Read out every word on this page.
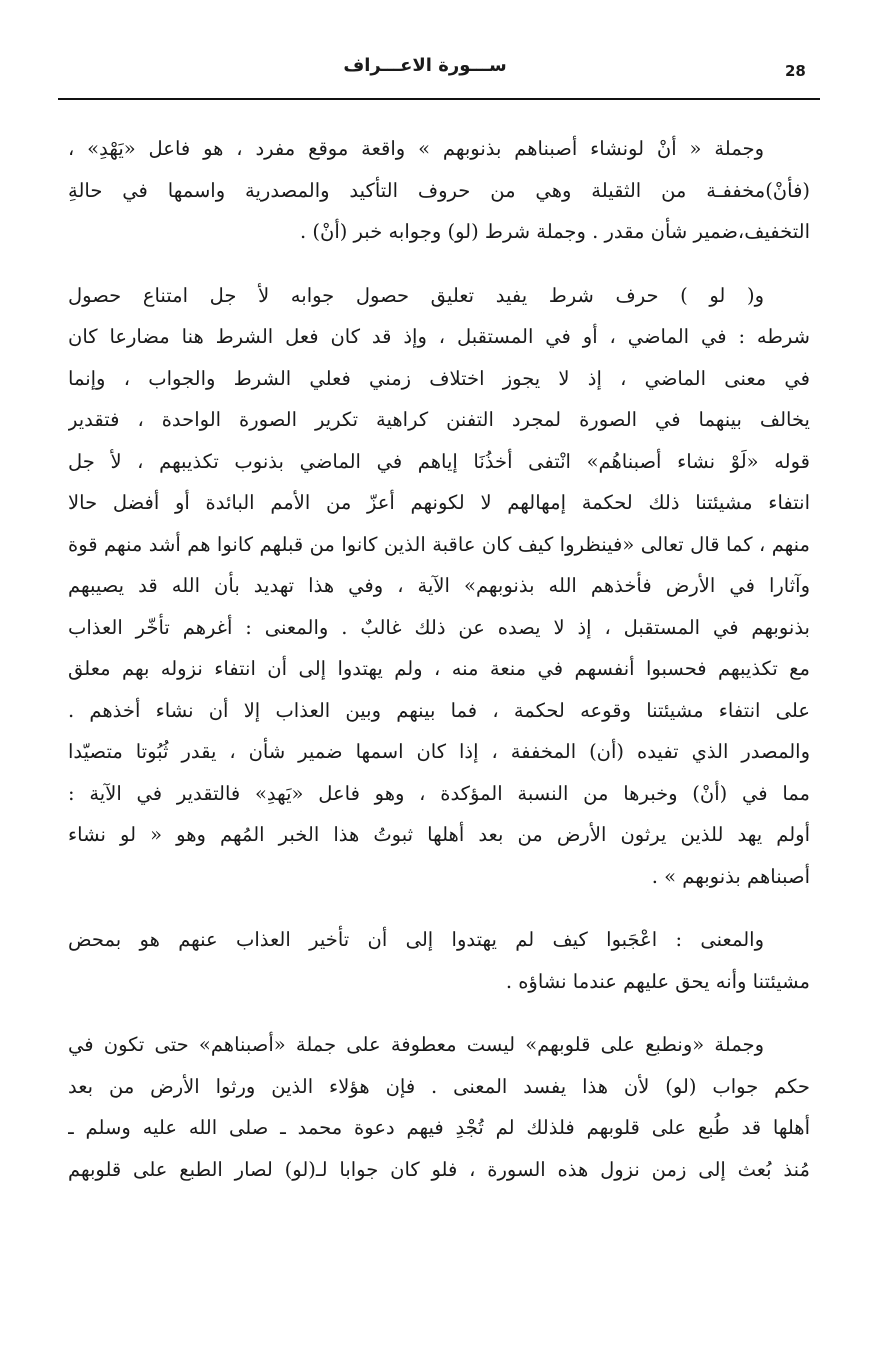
28
ســـورة الاعـــراف
وجملة « أنْ لونشاء أصبناهم بذنوبهم » واقعة موقع مفرد ، هو فاعل «يَهْدِ» ،
(فأنْ)مخففـة من الثقيلة وهي من حروف التأكيد والمصدرية واسمها في حالةِ
التخفيف،ضمير شأن مقدر . وجملة شرط (لو) وجوابه خبر (أنْ) .
و( لو ) حرف شرط يفيد تعليق حصول جوابه لأ جل امتناع حصول
شرطه : في الماضي ، أو في المستقبل ، وإذ قد كان فعل الشرط هنا مضارعا كان
في معنى الماضي ، إذ لا يجوز اختلاف زمني فعلي الشرط والجواب ، وإنما
يخالف بينهما في الصورة لمجرد التفنن كراهية تكرير الصورة الواحدة ، فتقدير
قوله «لَوْ نشاء أصبناهُم» انْتفى أخذُنَا إياهم في الماضي بذنوب تكذيبهم ، لأ جل
انتفاء مشيئتنا ذلك لحكمة إمهالهم لا لكونهم أعزّ من الأمم البائدة أو أفضل حالا
منهم ، كما قال تعالى «فينظروا كيف كان عاقبة الذين كانوا من قبلهم كانوا هم أشد منهم قوة
وآثارا في الأرض فأخذهم الله بذنوبهم» الآية ، وفي هذا تهديد بأن الله قد يصيبهم
بذنوبهم في المستقبل ، إذ لا يصده عن ذلك غالبٌ . والمعنى : أغرهم تأخّر العذاب
مع تكذيبهم فحسبوا أنفسهم في منعة منه ، ولم يهتدوا إلى أن انتفاء نزوله بهم معلق
على انتفاء مشيئتنا وقوعه لحكمة ، فما بينهم وبين العذاب إلا أن نشاء أخذهم .
والمصدر الذي تفيده (أن) المخففة ، إذا كان اسمها ضمير شأن ، يقدر ثُبُوتا متصيّدا
مما في (أنْ) وخبرها من النسبة المؤكدة ، وهو فاعل «يَهدِ» فالتقدير في الآية :
أولم يهد للذين يرثون الأرض من بعد أهلها ثبوتُ هذا الخبر المُهم وهو « لو نشاء
أصبناهم بذنوبهم » .
والمعنى : اعْجَبوا كيف لم يهتدوا إلى أن تأخير العذاب عنهم هو بمحض
مشيئتنا وأنه يحق عليهم عندما نشاؤه .
وجملة «ونطبع على قلوبهم» ليست معطوفة على جملة «أصبناهم» حتى تكون في
حكم جواب (لو) لأن هذا يفسد المعنى . فإن هؤلاء الذين ورثوا الأرض من بعد
أهلها قد طُبع على قلوبهم فلذلك لم تُجْدِ فيهم دعوة محمد ـ صلى الله عليه وسلم ـ
مُنذ بُعث إلى زمن نزول هذه السورة ، فلو كان جوابا لـ(لو) لصار الطبع على قلوبهم
